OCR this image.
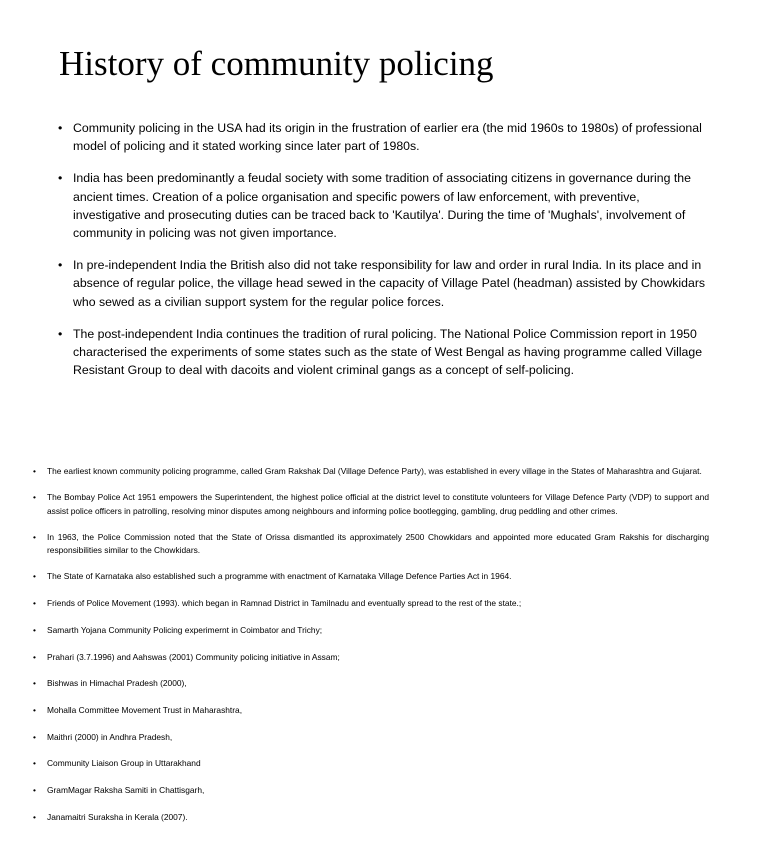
History of community policing
• Community policing in the USA had its origin in the frustration of earlier era (the mid 1960s to 1980s) of professional model of policing and it stated working since later part of 1980s.
• India has been predominantly a feudal society with some tradition of associating citizens in governance during the ancient times. Creation of a police organisation and specific powers of law enforcement, with preventive, investigative and prosecuting duties can be traced back to 'Kautilya'. During the time of 'Mughals', involvement of community in policing was not given importance.
• In pre-independent India the British also did not take responsibility for law and order in rural India. In its place and in absence of regular police, the village head sewed in the capacity of Village Patel (headman) assisted by Chowkidars who sewed as a civilian support system for the regular police forces.
• The post-independent India continues the tradition of rural policing. The National Police Commission report in 1950 characterised the experiments of some states such as the state of West Bengal as having programme called Village Resistant Group to deal with dacoits and violent criminal gangs as a concept of self-policing.
• The earliest known community policing programme, called Gram Rakshak Dal (Village Defence Party), was established in every village in the States of Maharashtra and Gujarat.
• The Bombay Police Act 1951 empowers the Superintendent, the highest police official at the district level to constitute volunteers for Village Defence Party (VDP) to support and assist police officers in patrolling, resolving minor disputes among neighbours and informing police bootlegging, gambling, drug peddling and other crimes.
• In 1963, the Police Commission noted that the State of Orissa dismantled its approximately 2500 Chowkidars and appointed more educated Gram Rakshis for discharging responsibilities similar to the Chowkidars.
• The State of Karnataka also established such a programme with enactment of Karnataka Village Defence Parties Act in 1964.
• Friends of Police Movement (1993). which began in Ramnad District in Tamilnadu and eventually spread to the rest of the state.;
• Samarth Yojana Community Policing experimernt in Coimbator and Trichy;
• Prahari (3.7.1996) and Aahswas (2001) Community policing initiative in Assam;
• Bishwas in Himachal Pradesh (2000),
• Mohalla Committee Movement Trust in Maharashtra,
• Maithri (2000) in Andhra Pradesh,
• Community Liaison Group in Uttarakhand
• GramMagar Raksha Samiti in Chattisgarh,
• Janamaitri Suraksha in Kerala (2007).
